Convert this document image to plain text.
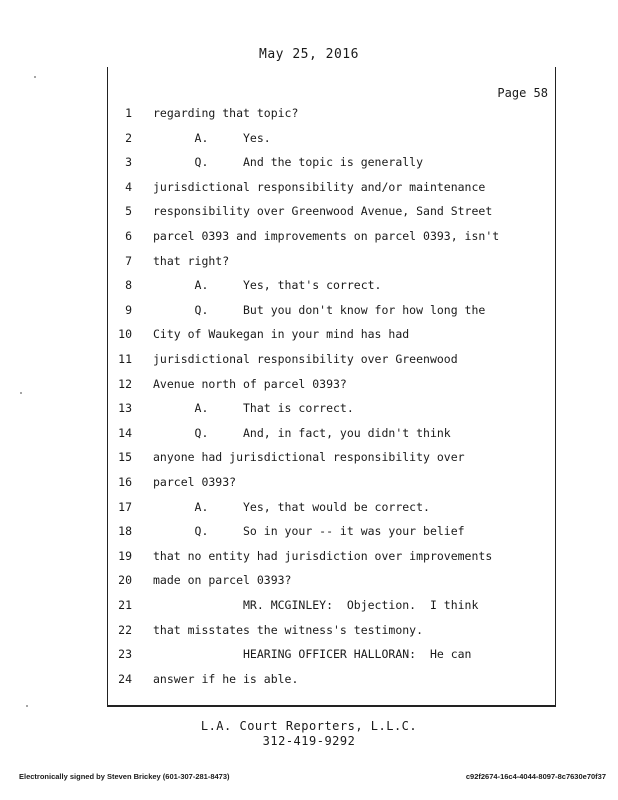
May 25, 2016
Page 58
1 regarding that topic?
2 A.     Yes.
3 Q.     And the topic is generally
4 jurisdictional responsibility and/or maintenance
5 responsibility over Greenwood Avenue, Sand Street
6 parcel 0393 and improvements on parcel 0393, isn't
7 that right?
8 A.     Yes, that's correct.
9 Q.     But you don't know for how long the
10 City of Waukegan in your mind has had
11 jurisdictional responsibility over Greenwood
12 Avenue north of parcel 0393?
13 A.     That is correct.
14 Q.     And, in fact, you didn't think
15 anyone had jurisdictional responsibility over
16 parcel 0393?
17 A.     Yes, that would be correct.
18 Q.     So in your -- it was your belief
19 that no entity had jurisdiction over improvements
20 made on parcel 0393?
21 MR. MCGINLEY:  Objection.  I think
22 that misstates the witness's testimony.
23 HEARING OFFICER HALLORAN:  He can
24 answer if he is able.
L.A. Court Reporters, L.L.C.
312-419-9292
Electronically signed by Steven Brickey (601-307-281-8473)	c92f2674-16c4-4044-8097-8c7630e70f37
